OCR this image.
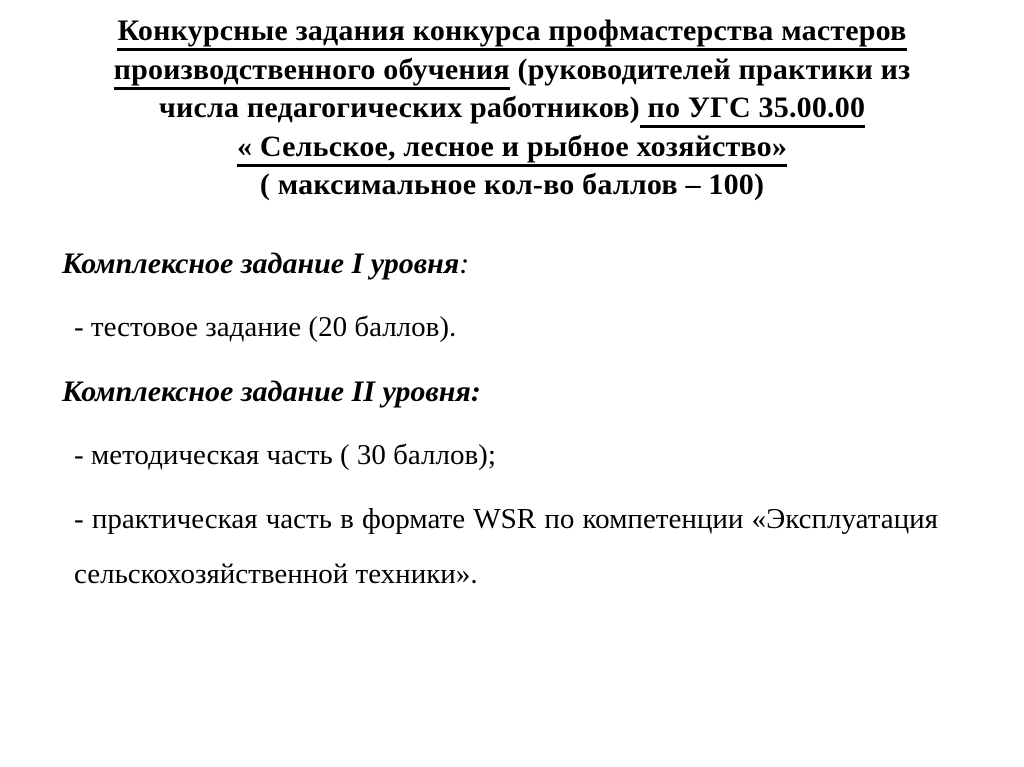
Конкурсные задания конкурса профмастерства мастеров
производственного обучения (руководителей практики из
числа педагогических работников) по УГС 35.00.00
« Сельское, лесное и рыбное хозяйство»
( максимальное кол-во баллов – 100)

Комплексное задание I уровня:

- тестовое задание (20 баллов).

Комплексное задание II уровня:

- методическая часть ( 30 баллов);

- практическая часть в формате WSR по компетенции «Эксплуатация сельскохозяйственной техники».
